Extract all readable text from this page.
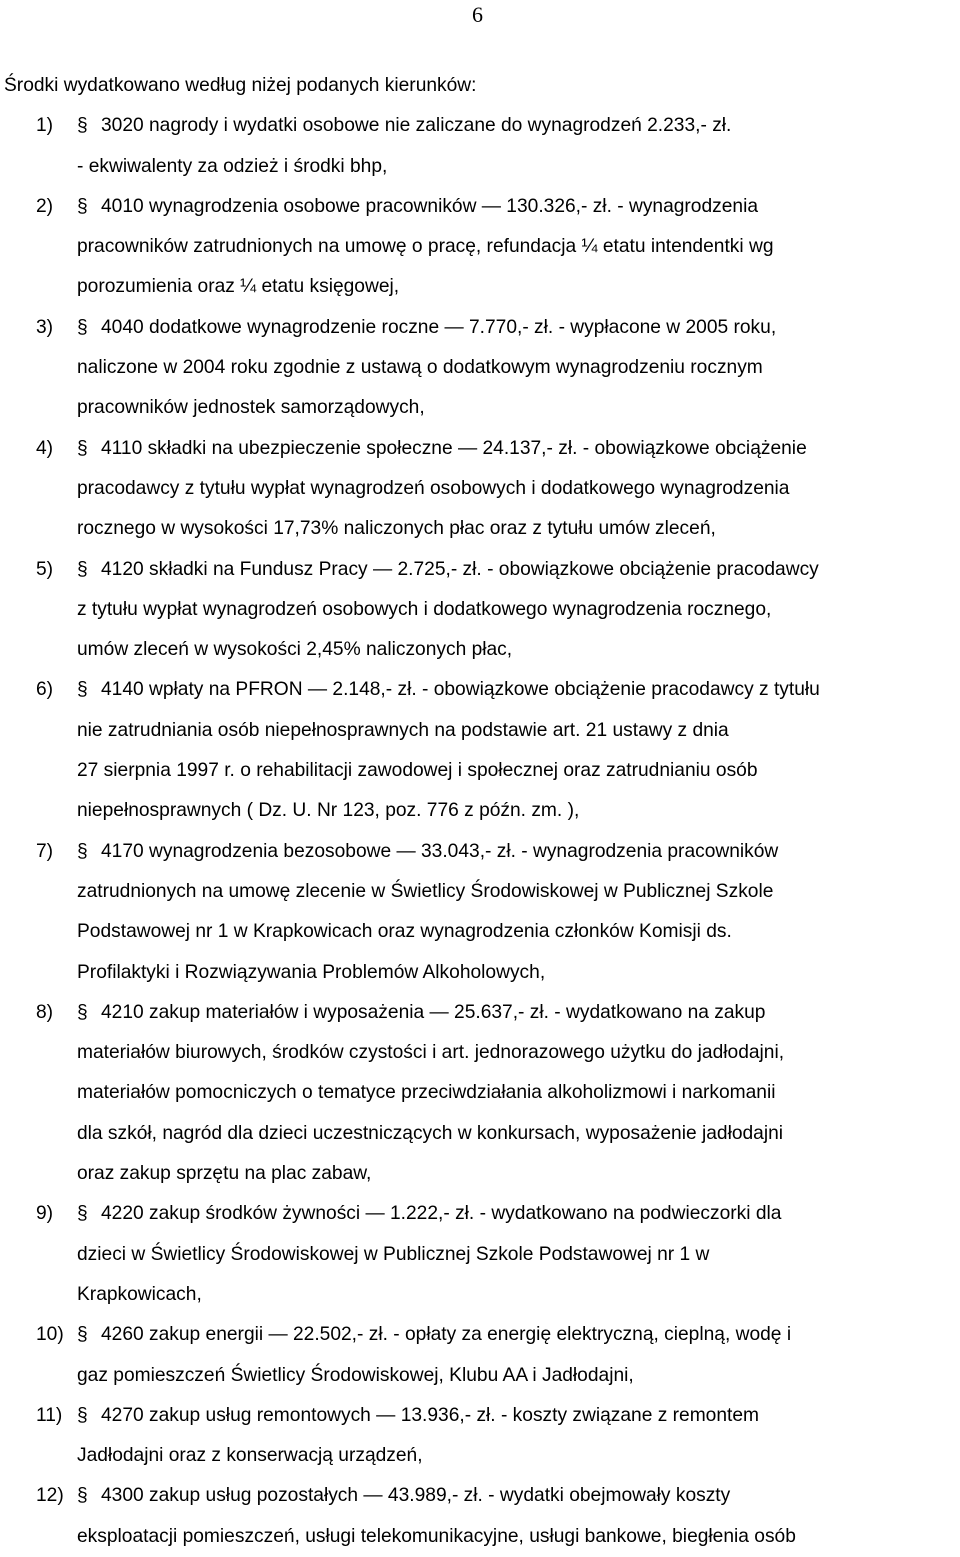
6
Środki wydatkowano według niżej podanych kierunków:
1) § 3020 nagrody i wydatki osobowe nie zaliczane do wynagrodzeń 2.233,- zł.
- ekwiwalenty za odzież i środki bhp,
2) § 4010 wynagrodzenia osobowe pracowników — 130.326,- zł. - wynagrodzenia
pracowników zatrudnionych na umowę o pracę, refundacja ¼ etatu intendentki wg
porozumienia oraz ¼ etatu księgowej,
3) § 4040 dodatkowe wynagrodzenie roczne — 7.770,- zł. - wypłacone w 2005 roku,
naliczone w 2004 roku zgodnie z ustawą o dodatkowym wynagrodzeniu rocznym
pracowników jednostek samorządowych,
4) § 4110 składki na ubezpieczenie społeczne — 24.137,- zł. - obowiązkowe obciążenie
pracodawcy z tytułu wypłat wynagrodzeń osobowych i dodatkowego wynagrodzenia
rocznego w wysokości 17,73% naliczonych płac oraz z tytułu umów zleceń,
5) § 4120 składki na Fundusz Pracy — 2.725,- zł. - obowiązkowe obciążenie pracodawcy
z tytułu wypłat wynagrodzeń osobowych i dodatkowego wynagrodzenia rocznego,
umów zleceń w wysokości 2,45% naliczonych płac,
6) § 4140 wpłaty na PFRON — 2.148,- zł. - obowiązkowe obciążenie pracodawcy z tytułu
nie zatrudniania osób niepełnosprawnych na podstawie art. 21 ustawy z dnia
27 sierpnia 1997 r. o rehabilitacji zawodowej i społecznej oraz zatrudnianiu osób
niepełnosprawnych ( Dz. U. Nr 123, poz. 776 z późn. zm. ),
7) § 4170 wynagrodzenia bezosobowe — 33.043,- zł. - wynagrodzenia pracowników
zatrudnionych na umowę zlecenie w Świetlicy Środowiskowej w Publicznej Szkole
Podstawowej nr 1 w Krapkowicach oraz wynagrodzenia członków Komisji ds.
Profilaktyki i Rozwiązywania Problemów Alkoholowych,
8) § 4210 zakup materiałów i wyposażenia — 25.637,- zł. - wydatkowano na zakup
materiałów biurowych, środków czystości i art. jednorazowego użytku do jadłodajni,
materiałów pomocniczych o tematyce przeciwdziałania alkoholizmowi i narkomanii
dla szkół, nagród dla dzieci uczestniczących w konkursach, wyposażenie jadłodajni
oraz zakup sprzętu na plac zabaw,
9) § 4220 zakup środków żywności — 1.222,- zł. - wydatkowano na podwieczorki dla
dzieci w Świetlicy Środowiskowej w Publicznej Szkole Podstawowej nr 1 w
Krapkowicach,
10) § 4260 zakup energii — 22.502,- zł. - opłaty za energię elektryczną, cieplną, wodę i
gaz pomieszczeń Świetlicy Środowiskowej, Klubu AA i Jadłodajni,
11) § 4270 zakup usług remontowych — 13.936,- zł. - koszty związane z remontem
Jadłodajni oraz z konserwacją urządzeń,
12) § 4300 zakup usług pozostałych — 43.989,- zł. - wydatki obejmowały koszty
eksploatacji pomieszczeń, usługi telekomunikacyjne, usługi bankowe, biegłenia osób
